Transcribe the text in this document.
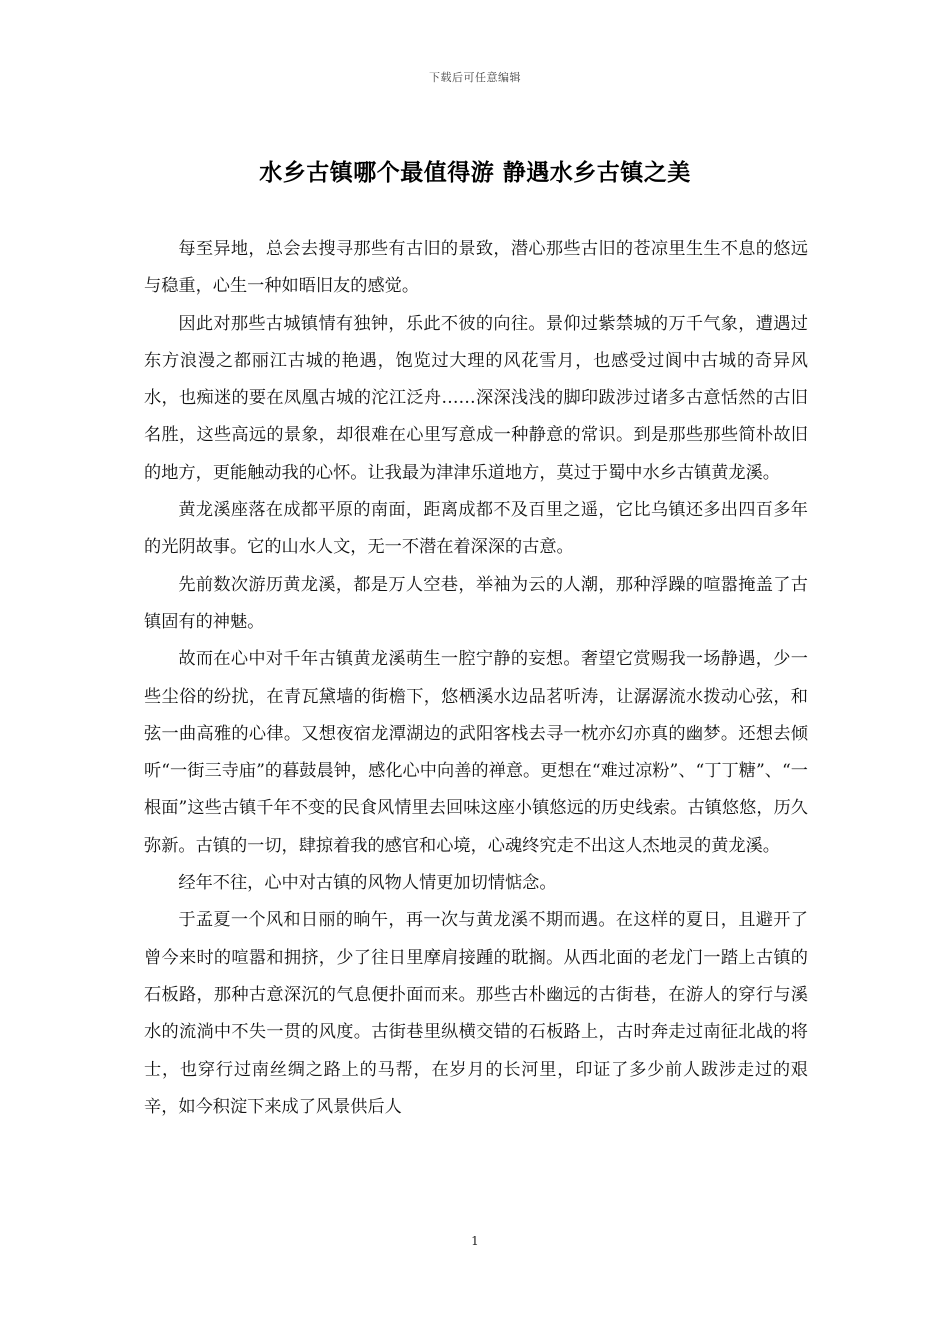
下载后可任意编辑
水乡古镇哪个最值得游 静遇水乡古镇之美

每至异地，总会去搜寻那些有古旧的景致，潜心那些古旧的苍凉里生生不息的悠远与稳重，心生一种如晤旧友的感觉。

因此对那些古城镇情有独钟，乐此不彼的向往。景仰过紫禁城的万千气象，遭遇过东方浪漫之都丽江古城的艳遇，饱览过大理的风花雪月，也感受过阆中古城的奇异风水，也痴迷的要在凤凰古城的沱江泛舟……深深浅浅的脚印跋涉过诸多古意恬然的古旧名胜，这些高远的景象，却很难在心里写意成一种静意的常识。到是那些那些简朴故旧的地方，更能触动我的心怀。让我最为津津乐道地方，莫过于蜀中水乡古镇黄龙溪。

黄龙溪座落在成都平原的南面，距离成都不及百里之遥，它比乌镇还多出四百多年的光阴故事。它的山水人文，无一不潜在着深深的古意。

先前数次游历黄龙溪，都是万人空巷，举袖为云的人潮，那种浮躁的喧嚣掩盖了古镇固有的神魅。

故而在心中对千年古镇黄龙溪萌生一腔宁静的妄想。奢望它赏赐我一场静遇，少一些尘俗的纷扰，在青瓦黛墙的街檐下，悠栖溪水边品茗听涛，让潺潺流水拨动心弦，和弦一曲高雅的心律。又想夜宿龙潭湖边的武阳客栈去寻一枕亦幻亦真的幽梦。还想去倾听“一街三寺庙”的暮鼓晨钟，感化心中向善的禅意。更想在“难过凉粉”、“丁丁糖”、“一根面”这些古镇千年不变的民食风情里去回味这座小镇悠远的历史线索。古镇悠悠，历久弥新。古镇的一切，肆掠着我的感官和心境，心魂终究走不出这人杰地灵的黄龙溪。

经年不往，心中对古镇的风物人情更加切情惦念。

于孟夏一个风和日丽的晌午，再一次与黄龙溪不期而遇。在这样的夏日，且避开了曾今来时的喧嚣和拥挤，少了往日里摩肩接踵的耽搁。从西北面的老龙门一踏上古镇的石板路，那种古意深沉的气息便扑面而来。那些古朴幽远的古街巷，在游人的穿行与溪水的流淌中不失一贯的风度。古街巷里纵横交错的石板路上，古时奔走过南征北战的将士，也穿行过南丝绸之路上的马帮，在岁月的长河里，印证了多少前人跋涉走过的艰辛，如今积淀下来成了风景供后人

1
